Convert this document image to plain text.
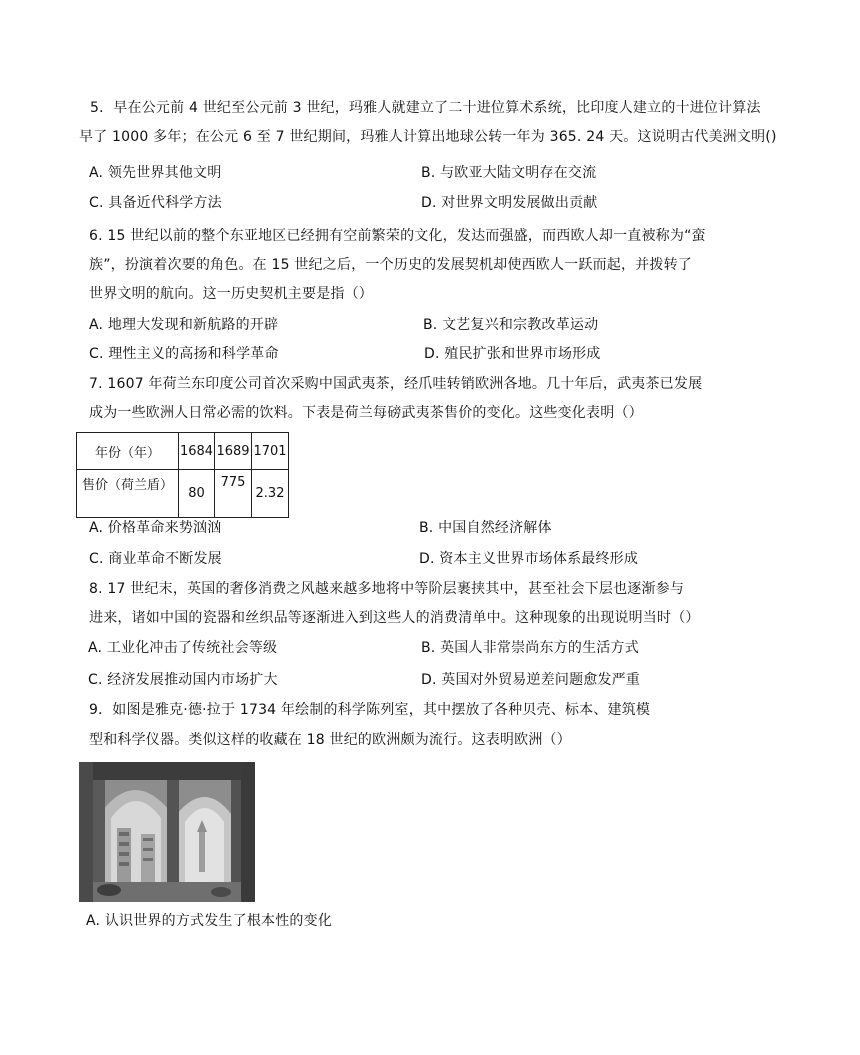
5．早在公元前 4 世纪至公元前 3 世纪，玛雅人就建立了二十进位算术系统，比印度人建立的十进位计算法
早了 1000 多年；在公元 6 至 7 世纪期间，玛雅人计算出地球公转一年为 365. 24 天。这说明古代美洲文明()
A. 领先世界其他文明	B. 与欧亚大陆文明存在交流
C. 具备近代科学方法	D. 对世界文明发展做出贡献
6. 15 世纪以前的整个东亚地区已经拥有空前繁荣的文化，发达而强盛，而西欧人却一直被称为“蛮
族”，扮演着次要的角色。在 15 世纪之后，一个历史的发展契机却使西欧人一跃而起，并拨转了
世界文明的航向。这一历史契机主要是指（）
A. 地理大发现和新航路的开辟	B. 文艺复兴和宗教改革运动
C. 理性主义的高扬和科学革命	D. 殖民扩张和世界市场形成
7. 1607 年荷兰东印度公司首次采购中国武夷茶，经爪哇转销欧洲各地。几十年后，武夷茶已发展
成为一些欧洲人日常必需的饮料。下表是荷兰每磅武夷茶售价的变化。这些变化表明（）
年份（年）	1684	1689	1701
售价（荷兰盾）	80	775	2.32
A. 价格革命来势汹汹	B. 中国自然经济解体
C. 商业革命不断发展	D. 资本主义世界市场体系最终形成
8. 17 世纪末，英国的奢侈消费之风越来越多地将中等阶层裹挟其中，甚至社会下层也逐渐参与
进来，诸如中国的瓷器和丝织品等逐渐进入到这些人的消费清单中。这种现象的出现说明当时（）
A. 工业化冲击了传统社会等级	B. 英国人非常崇尚东方的生活方式
C. 经济发展推动国内市场扩大	D. 英国对外贸易逆差问题愈发严重
9．如图是雅克·德·拉于 1734 年绘制的科学陈列室，其中摆放了各种贝壳、标本、建筑模
型和科学仪器。类似这样的收藏在 18 世纪的欧洲颇为流行。这表明欧洲（）
A. 认识世界的方式发生了根本性的变化
